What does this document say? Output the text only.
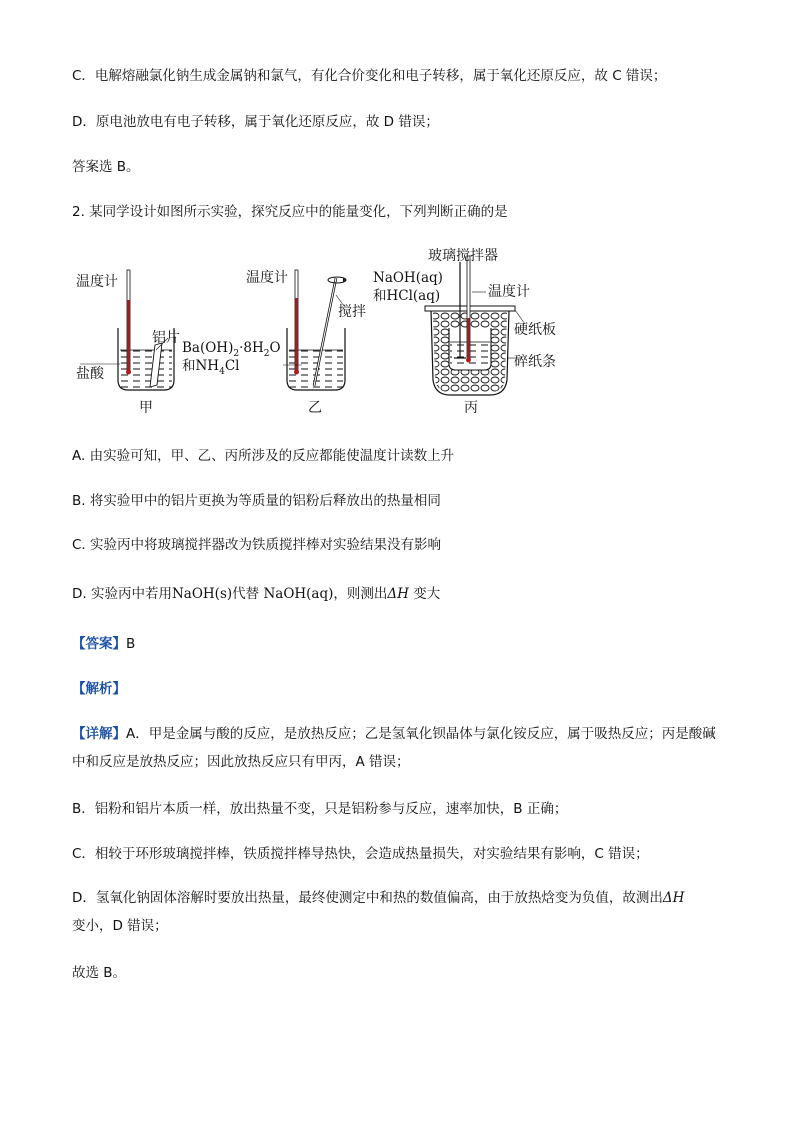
C．电解熔融氯化钠生成金属钠和氯气，有化合价变化和电子转移，属于氧化还原反应，故 C 错误；
D．原电池放电有电子转移，属于氧化还原反应，故 D 错误；
答案选 B。
2. 某同学设计如图所示实验，探究反应中的能量变化，下列判断正确的是
温度计
铝片
盐酸
甲
温度计
搅拌
$Ba(OH)_2\cdot 8H_2O$
和$NH_4Cl$
乙
玻璃搅拌器
NaOH(aq)
和HCl(aq)	温度计
硬纸板
碎纸条
丙
A. 由实验可知，甲、乙、丙所涉及的反应都能使温度计读数上升
B. 将实验甲中的铝片更换为等质量的铝粉后释放出的热量相同
C. 实验丙中将玻璃搅拌器改为铁质搅拌棒对实验结果没有影响
D. 实验丙中若用NaOH(s)代替 NaOH(aq)，则测出ΔH 变大
【答案】B
【解析】
【详解】A．甲是金属与酸的反应，是放热反应；乙是氢氧化钡晶体与氯化铵反应，属于吸热反应；丙是酸碱中和反应是放热反应；因此放热反应只有甲丙，A 错误；
B．铝粉和铝片本质一样，放出热量不变，只是铝粉参与反应，速率加快，B 正确；
C．相较于环形玻璃搅拌棒，铁质搅拌棒导热快，会造成热量损失，对实验结果有影响，C 错误；
D．氢氧化钠固体溶解时要放出热量，最终使测定中和热的数值偏高，由于放热焓变为负值，故测出ΔH
变小，D 错误；
故选 B。
